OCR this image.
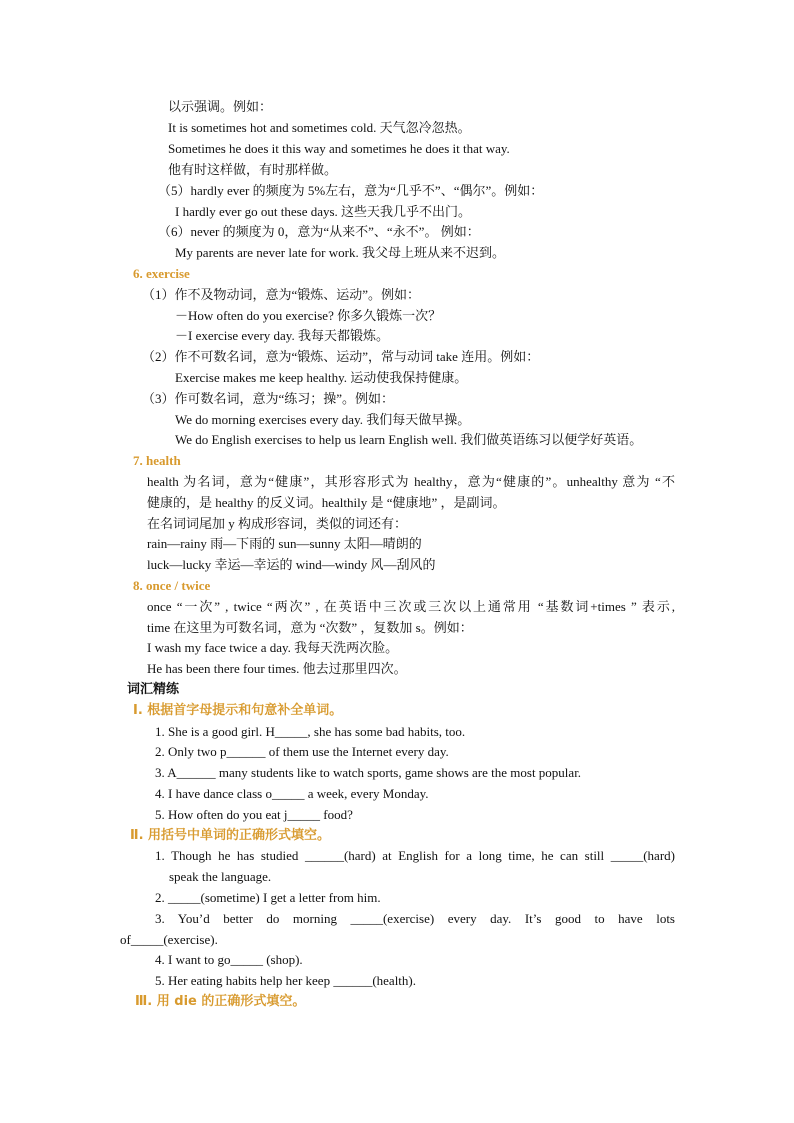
以示强调。例如：
It is sometimes hot and sometimes cold. 天气忽冷忽热。
Sometimes he does it this way and sometimes he does it that way.
他有时这样做，有时那样做。
（5）hardly ever 的频度为 5%左右，意为“几乎不”、“偶尔”。例如：
I hardly ever go out these days. 这些天我几乎不出门。
（6）never 的频度为 0，意为“从来不”、“永不”。 例如：
My parents are never late for work. 我父母上班从来不迟到。
6. exercise
（1）作不及物动词，意为“锻炼、运动”。例如：
－How often do you exercise? 你多久锻炼一次？
－I exercise every day. 我每天都锻炼。
（2）作不可数名词，意为“锻炼、运动”，常与动词 take 连用。例如：
Exercise makes me keep healthy. 运动使我保持健康。
（3）作可数名词，意为“练习；操”。例如：
We do morning exercises every day. 我们每天做早操。
We do English exercises to help us learn English well. 我们做英语练习以便学好英语。
7. health
health 为名词，意为“健康”，其形容形式为 healthy，意为“健康的”。unhealthy 意为 “不
健康的，是 healthy 的反义词。healthily 是 “健康地” ，是副词。
在名词词尾加 y 构成形容词，类似的词还有：
rain—rainy 雨—下雨的 sun—sunny 太阳—晴朗的
luck—lucky 幸运—幸运的 wind—windy 风—刮风的
8. once / twice
once “一次” , twice “两次” , 在英语中三次或三次以上通常用 “基数词+times ” 表示,
time 在这里为可数名词，意为 “次数” ，复数加 s。例如：
I wash my face twice a day. 我每天洗两次脸。
He has been there four times. 他去过那里四次。
词汇精练
Ⅰ. 根据首字母提示和句意补全单词。
1. She is a good girl. H_____, she has some bad habits, too.
2. Only two p______ of them use the Internet every day.
3. A______ many students like to watch sports, game shows are the most popular.
4. I have dance class o_____ a week, every Monday.
5. How often do you eat j_____ food?
Ⅱ. 用括号中单词的正确形式填空。
1. Though he has studied ______(hard) at English for a long time, he can still _____(hard)
speak the language.
2. _____(sometime) I get a letter from him.
3. You’d better do morning _____(exercise) every day. It’s good to have lots
of_____(exercise).
4. I want to go_____ (shop).
5. Her eating habits help her keep ______(health).
Ⅲ. 用 die 的正确形式填空。
